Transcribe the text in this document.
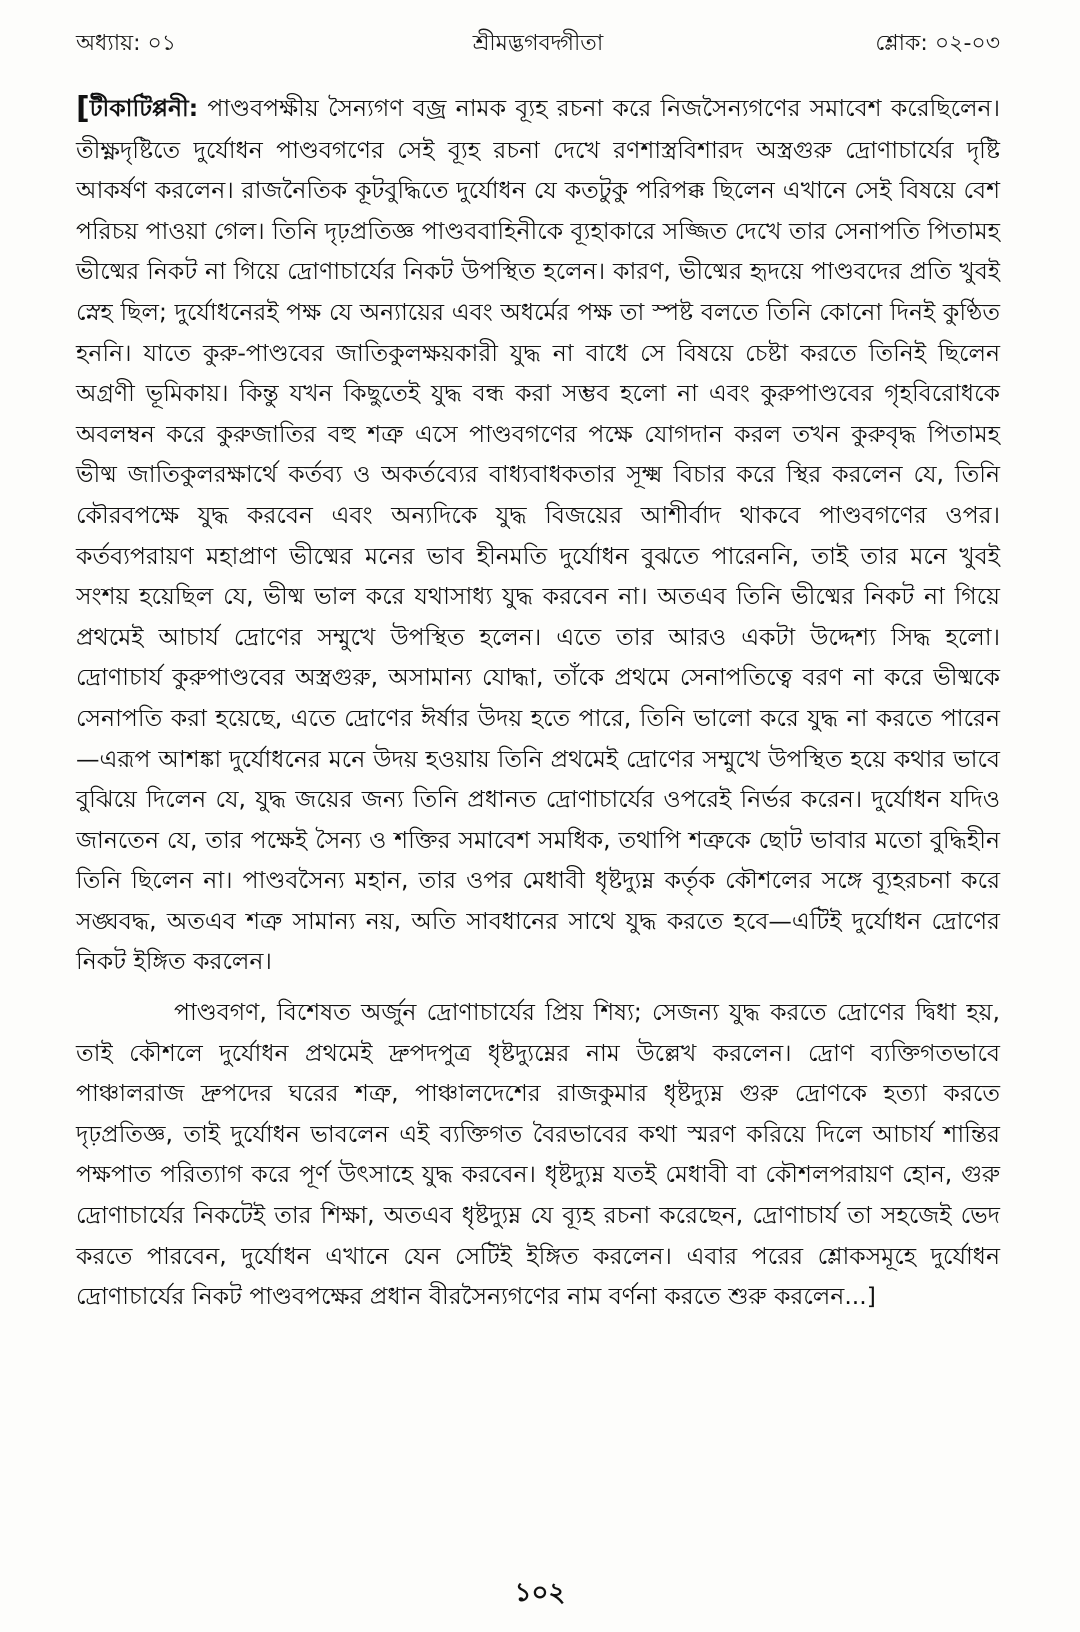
অধ্যায়: ০১	শ্রীমদ্ভগবদ্গীতা	শ্লোক: ০২-০৩

[টীকাটিপ্পনী: পাণ্ডবপক্ষীয় সৈন্যগণ বজ্র নামক ব্যূহ রচনা করে নিজসৈন্যগণের সমাবেশ করেছিলেন। তীক্ষ্ণদৃষ্টিতে দুর্যোধন পাণ্ডবগণের সেই ব্যূহ রচনা দেখে রণশাস্ত্রবিশারদ অস্ত্রগুরু দ্রোণাচার্যের দৃষ্টি আকর্ষণ করলেন। রাজনৈতিক কূটবুদ্ধিতে দুর্যোধন যে কতটুকু পরিপক্ক ছিলেন এখানে সেই বিষয়ে বেশ পরিচয় পাওয়া গেল। তিনি দৃঢ়প্রতিজ্ঞ পাণ্ডববাহিনীকে ব্যূহাকারে সজ্জিত দেখে তার সেনাপতি পিতামহ ভীষ্মের নিকট না গিয়ে দ্রোণাচার্যের নিকট উপস্থিত হলেন। কারণ, ভীষ্মের হৃদয়ে পাণ্ডবদের প্রতি খুবই স্নেহ ছিল; দুর্যোধনেরই পক্ষ যে অন্যায়ের এবং অধর্মের পক্ষ তা স্পষ্ট বলতে তিনি কোনো দিনই কুণ্ঠিত হননি। যাতে কুরু-পাণ্ডবের জাতিকুলক্ষয়কারী যুদ্ধ না বাধে সে বিষয়ে চেষ্টা করতে তিনিই ছিলেন অগ্রণী ভূমিকায়। কিন্তু যখন কিছুতেই যুদ্ধ বন্ধ করা সম্ভব হলো না এবং কুরুপাণ্ডবের গৃহবিরোধকে অবলম্বন করে কুরুজাতির বহু শত্রু এসে পাণ্ডবগণের পক্ষে যোগদান করল তখন কুরুবৃদ্ধ পিতামহ ভীষ্ম জাতিকুলরক্ষার্থে কর্তব্য ও অকর্তব্যের বাধ্যবাধকতার সূক্ষ্ম বিচার করে স্থির করলেন যে, তিনি কৌরবপক্ষে যুদ্ধ করবেন এবং অন্যদিকে যুদ্ধ বিজয়ের আশীর্বাদ থাকবে পাণ্ডবগণের ওপর। কর্তব্যপরায়ণ মহাপ্রাণ ভীষ্মের মনের ভাব হীনমতি দুর্যোধন বুঝতে পারেননি, তাই তার মনে খুবই সংশয় হয়েছিল যে, ভীষ্ম ভাল করে যথাসাধ্য যুদ্ধ করবেন না। অতএব তিনি ভীষ্মের নিকট না গিয়ে প্রথমেই আচার্য দ্রোণের সম্মুখে উপস্থিত হলেন। এতে তার আরও একটা উদ্দেশ্য সিদ্ধ হলো। দ্রোণাচার্য কুরুপাণ্ডবের অস্ত্রগুরু, অসামান্য যোদ্ধা, তাঁকে প্রথমে সেনাপতিত্বে বরণ না করে ভীষ্মকে সেনাপতি করা হয়েছে, এতে দ্রোণের ঈর্ষার উদয় হতে পারে, তিনি ভালো করে যুদ্ধ না করতে পারেন—এরূপ আশঙ্কা দুর্যোধনের মনে উদয় হওয়ায় তিনি প্রথমেই দ্রোণের সম্মুখে উপস্থিত হয়ে কথার ভাবে বুঝিয়ে দিলেন যে, যুদ্ধ জয়ের জন্য তিনি প্রধানত দ্রোণাচার্যের ওপরেই নির্ভর করেন। দুর্যোধন যদিও জানতেন যে, তার পক্ষেই সৈন্য ও শক্তির সমাবেশ সমধিক, তথাপি শত্রুকে ছোট ভাবার মতো বুদ্ধিহীন তিনি ছিলেন না। পাণ্ডবসৈন্য মহান, তার ওপর মেধাবী ধৃষ্টদ্যুম্ন কর্তৃক কৌশলের সঙ্গে ব্যূহরচনা করে সঙ্ঘবদ্ধ, অতএব শত্রু সামান্য নয়, অতি সাবধানের সাথে যুদ্ধ করতে হবে—এটিই দুর্যোধন দ্রোণের নিকট ইঙ্গিত করলেন।

পাণ্ডবগণ, বিশেষত অর্জুন দ্রোণাচার্যের প্রিয় শিষ্য; সেজন্য যুদ্ধ করতে দ্রোণের দ্বিধা হয়, তাই কৌশলে দুর্যোধন প্রথমেই দ্রুপদপুত্র ধৃষ্টদ্যুম্নের নাম উল্লেখ করলেন। দ্রোণ ব্যক্তিগতভাবে পাঞ্চালরাজ দ্রুপদের ঘরের শত্রু, পাঞ্চালদেশের রাজকুমার ধৃষ্টদ্যুম্ন গুরু দ্রোণকে হত্যা করতে দৃঢ়প্রতিজ্ঞ, তাই দুর্যোধন ভাবলেন এই ব্যক্তিগত বৈরভাবের কথা স্মরণ করিয়ে দিলে আচার্য শান্তির পক্ষপাত পরিত্যাগ করে পূর্ণ উৎসাহে যুদ্ধ করবেন। ধৃষ্টদ্যুম্ন যতই মেধাবী বা কৌশলপরায়ণ হোন, গুরু দ্রোণাচার্যের নিকটেই তার শিক্ষা, অতএব ধৃষ্টদ্যুম্ন যে ব্যূহ রচনা করেছেন, দ্রোণাচার্য তা সহজেই ভেদ করতে পারবেন, দুর্যোধন এখানে যেন সেটিই ইঙ্গিত করলেন। এবার পরের শ্লোকসমূহে দুর্যোধন দ্রোণাচার্যের নিকট পাণ্ডবপক্ষের প্রধান বীরসৈন্যগণের নাম বর্ণনা করতে শুরু করলেন...]

১০২
